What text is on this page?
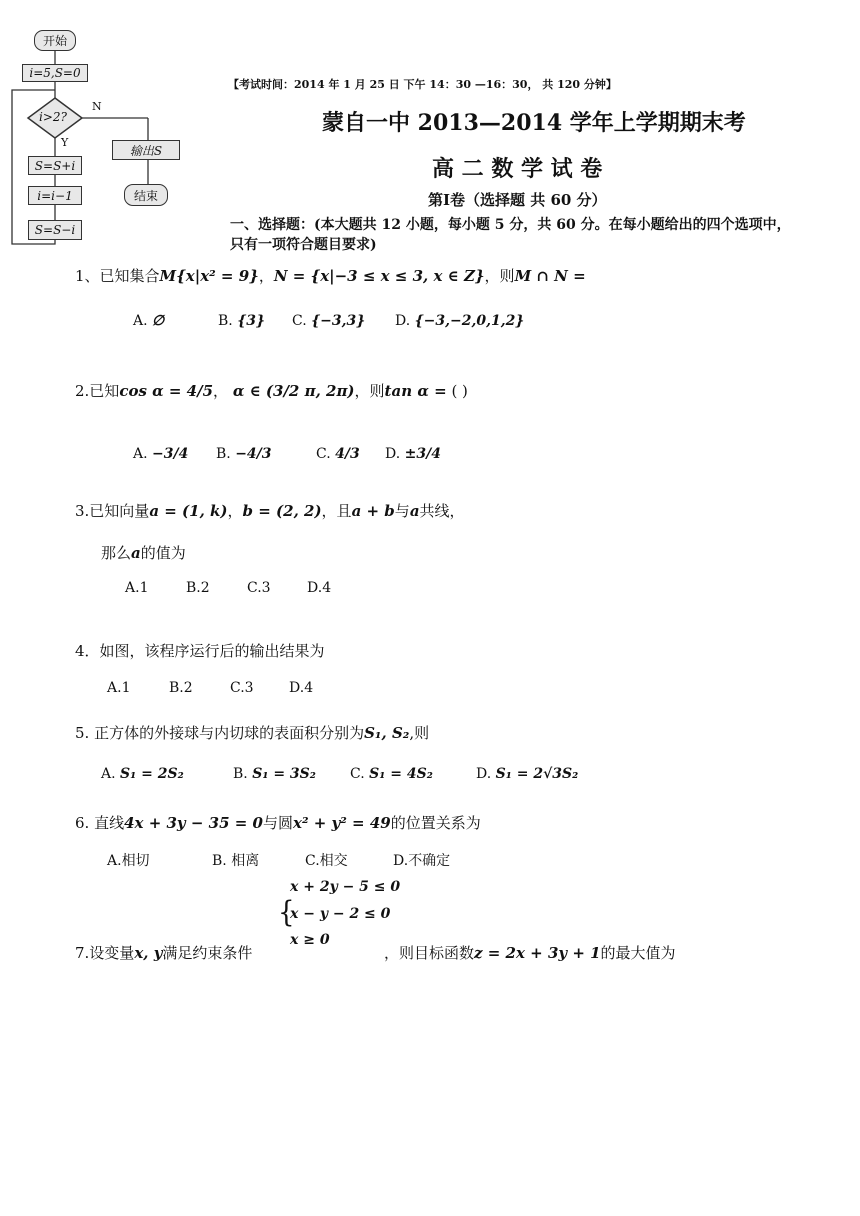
开始
i=5,S=0
i>2?
N
Y
输出S
结束
S=S+i
i=i−1
S=S−i
【考试时间：2014 年 1 月 25 日 下午 14：30 —16：30， 共 120 分钟】
蒙自一中 2013—2014 学年上学期期末考
高 二 数 学 试 卷
第Ⅰ卷（选择题 共 60 分）
一、选择题：(本大题共 12 小题，每小题 5 分，共 60 分。在每小题给出的四个选项中，
只有一项符合题目要求)
1、已知集合M{x|x² = 9}，N = {x|−3 ≤ x ≤ 3, x ∈ Z}，则M ∩ N =
A. ∅	B. {3} C. {−3,3} D. {−3,−2,0,1,2}
2.已知cos α = 4/5， α ∈ (3/2 π, 2π)，则tan α = ( )
A. −3/4 B. −4/3	C. 4/3 D. ±3/4
3.已知向量a = (1, k)，b = (2, 2)，且a + b与a共线，
那么a的值为
A.1	B.2	C.3	D.4
4．如图，该程序运行后的输出结果为
A.1	B.2	C.3	D.4
5. 正方体的外接球与内切球的表面积分别为S₁, S₂,则
A. S₁ = 2S₂	B. S₁ = 3S₂ C. S₁ = 4S₂	D. S₁ = 2√3S₂
6. 直线4x + 3y − 35 = 0与圆x² + y² = 49的位置关系为
A.相切	B. 相离	C.相交	D.不确定
{
x + 2y − 5 ≤ 0
x − y − 2 ≤ 0
x ≥ 0
7.设变量x, y满足约束条件	，则目标函数z = 2x + 3y + 1的最大值为
